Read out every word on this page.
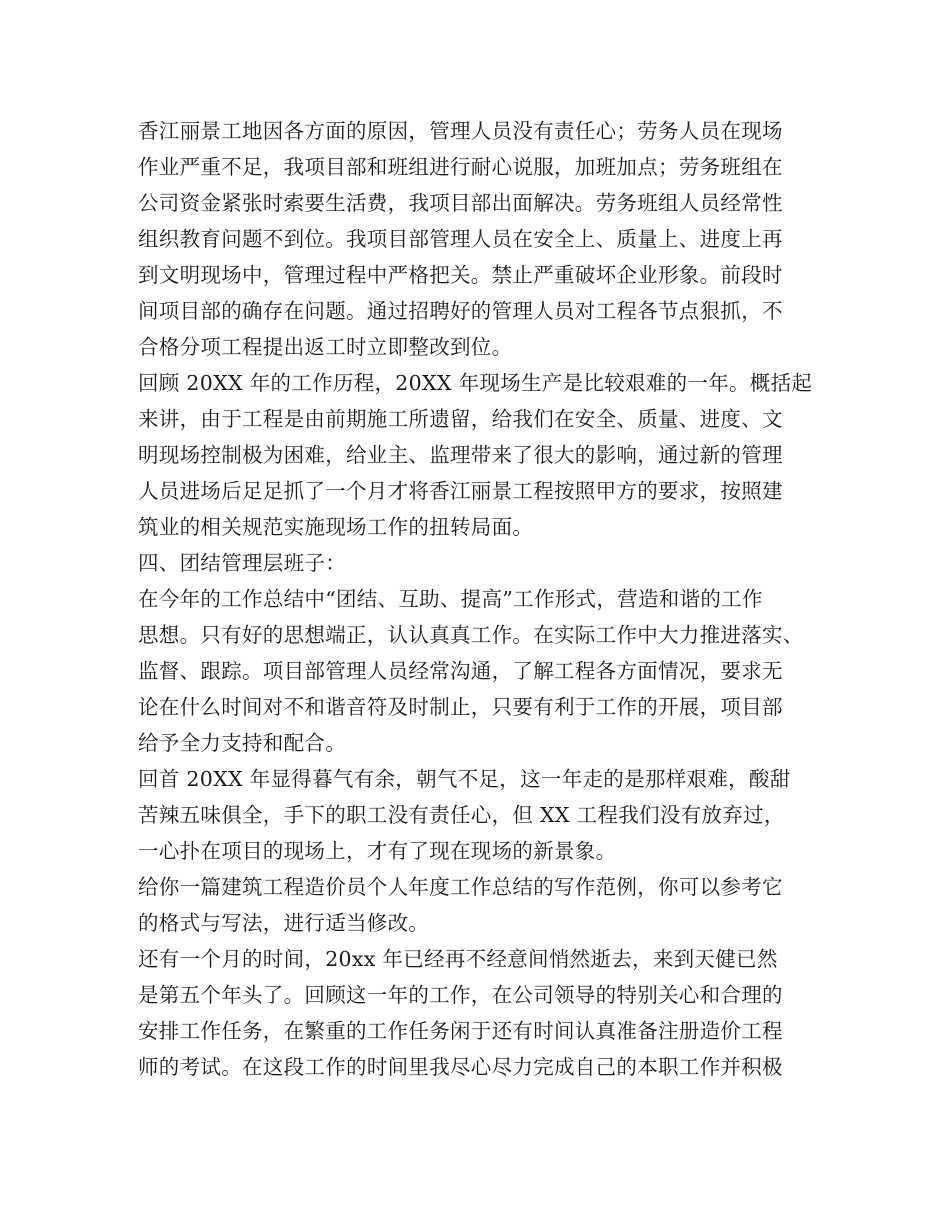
香江丽景工地因各方面的原因，管理人员没有责任心；劳务人员在现场
作业严重不足，我项目部和班组进行耐心说服，加班加点；劳务班组在
公司资金紧张时索要生活费，我项目部出面解决。劳务班组人员经常性
组织教育问题不到位。我项目部管理人员在安全上、质量上、进度上再
到文明现场中，管理过程中严格把关。禁止严重破坏企业形象。前段时
间项目部的确存在问题。通过招聘好的管理人员对工程各节点狠抓，不
合格分项工程提出返工时立即整改到位。
回顾 20XX 年的工作历程，20XX 年现场生产是比较艰难的一年。概括起
来讲，由于工程是由前期施工所遗留，给我们在安全、质量、进度、文
明现场控制极为困难，给业主、监理带来了很大的影响，通过新的管理
人员进场后足足抓了一个月才将香江丽景工程按照甲方的要求，按照建
筑业的相关规范实施现场工作的扭转局面。
四、团结管理层班子：
在今年的工作总结中“团结、互助、提高”工作形式，营造和谐的工作
思想。只有好的思想端正，认认真真工作。在实际工作中大力推进落实、
监督、跟踪。项目部管理人员经常沟通，了解工程各方面情况，要求无
论在什么时间对不和谐音符及时制止，只要有利于工作的开展，项目部
给予全力支持和配合。
回首 20XX 年显得暮气有余，朝气不足，这一年走的是那样艰难，酸甜
苦辣五味俱全，手下的职工没有责任心，但 XX 工程我们没有放弃过，
一心扑在项目的现场上，才有了现在现场的新景象。
给你一篇建筑工程造价员个人年度工作总结的写作范例，你可以参考它
的格式与写法，进行适当修改。
还有一个月的时间，20xx 年已经再不经意间悄然逝去，来到天健已然
是第五个年头了。回顾这一年的工作，在公司领导的特别关心和合理的
安排工作任务，在繁重的工作任务闲于还有时间认真准备注册造价工程
师的考试。在这段工作的时间里我尽心尽力完成自己的本职工作并积极
